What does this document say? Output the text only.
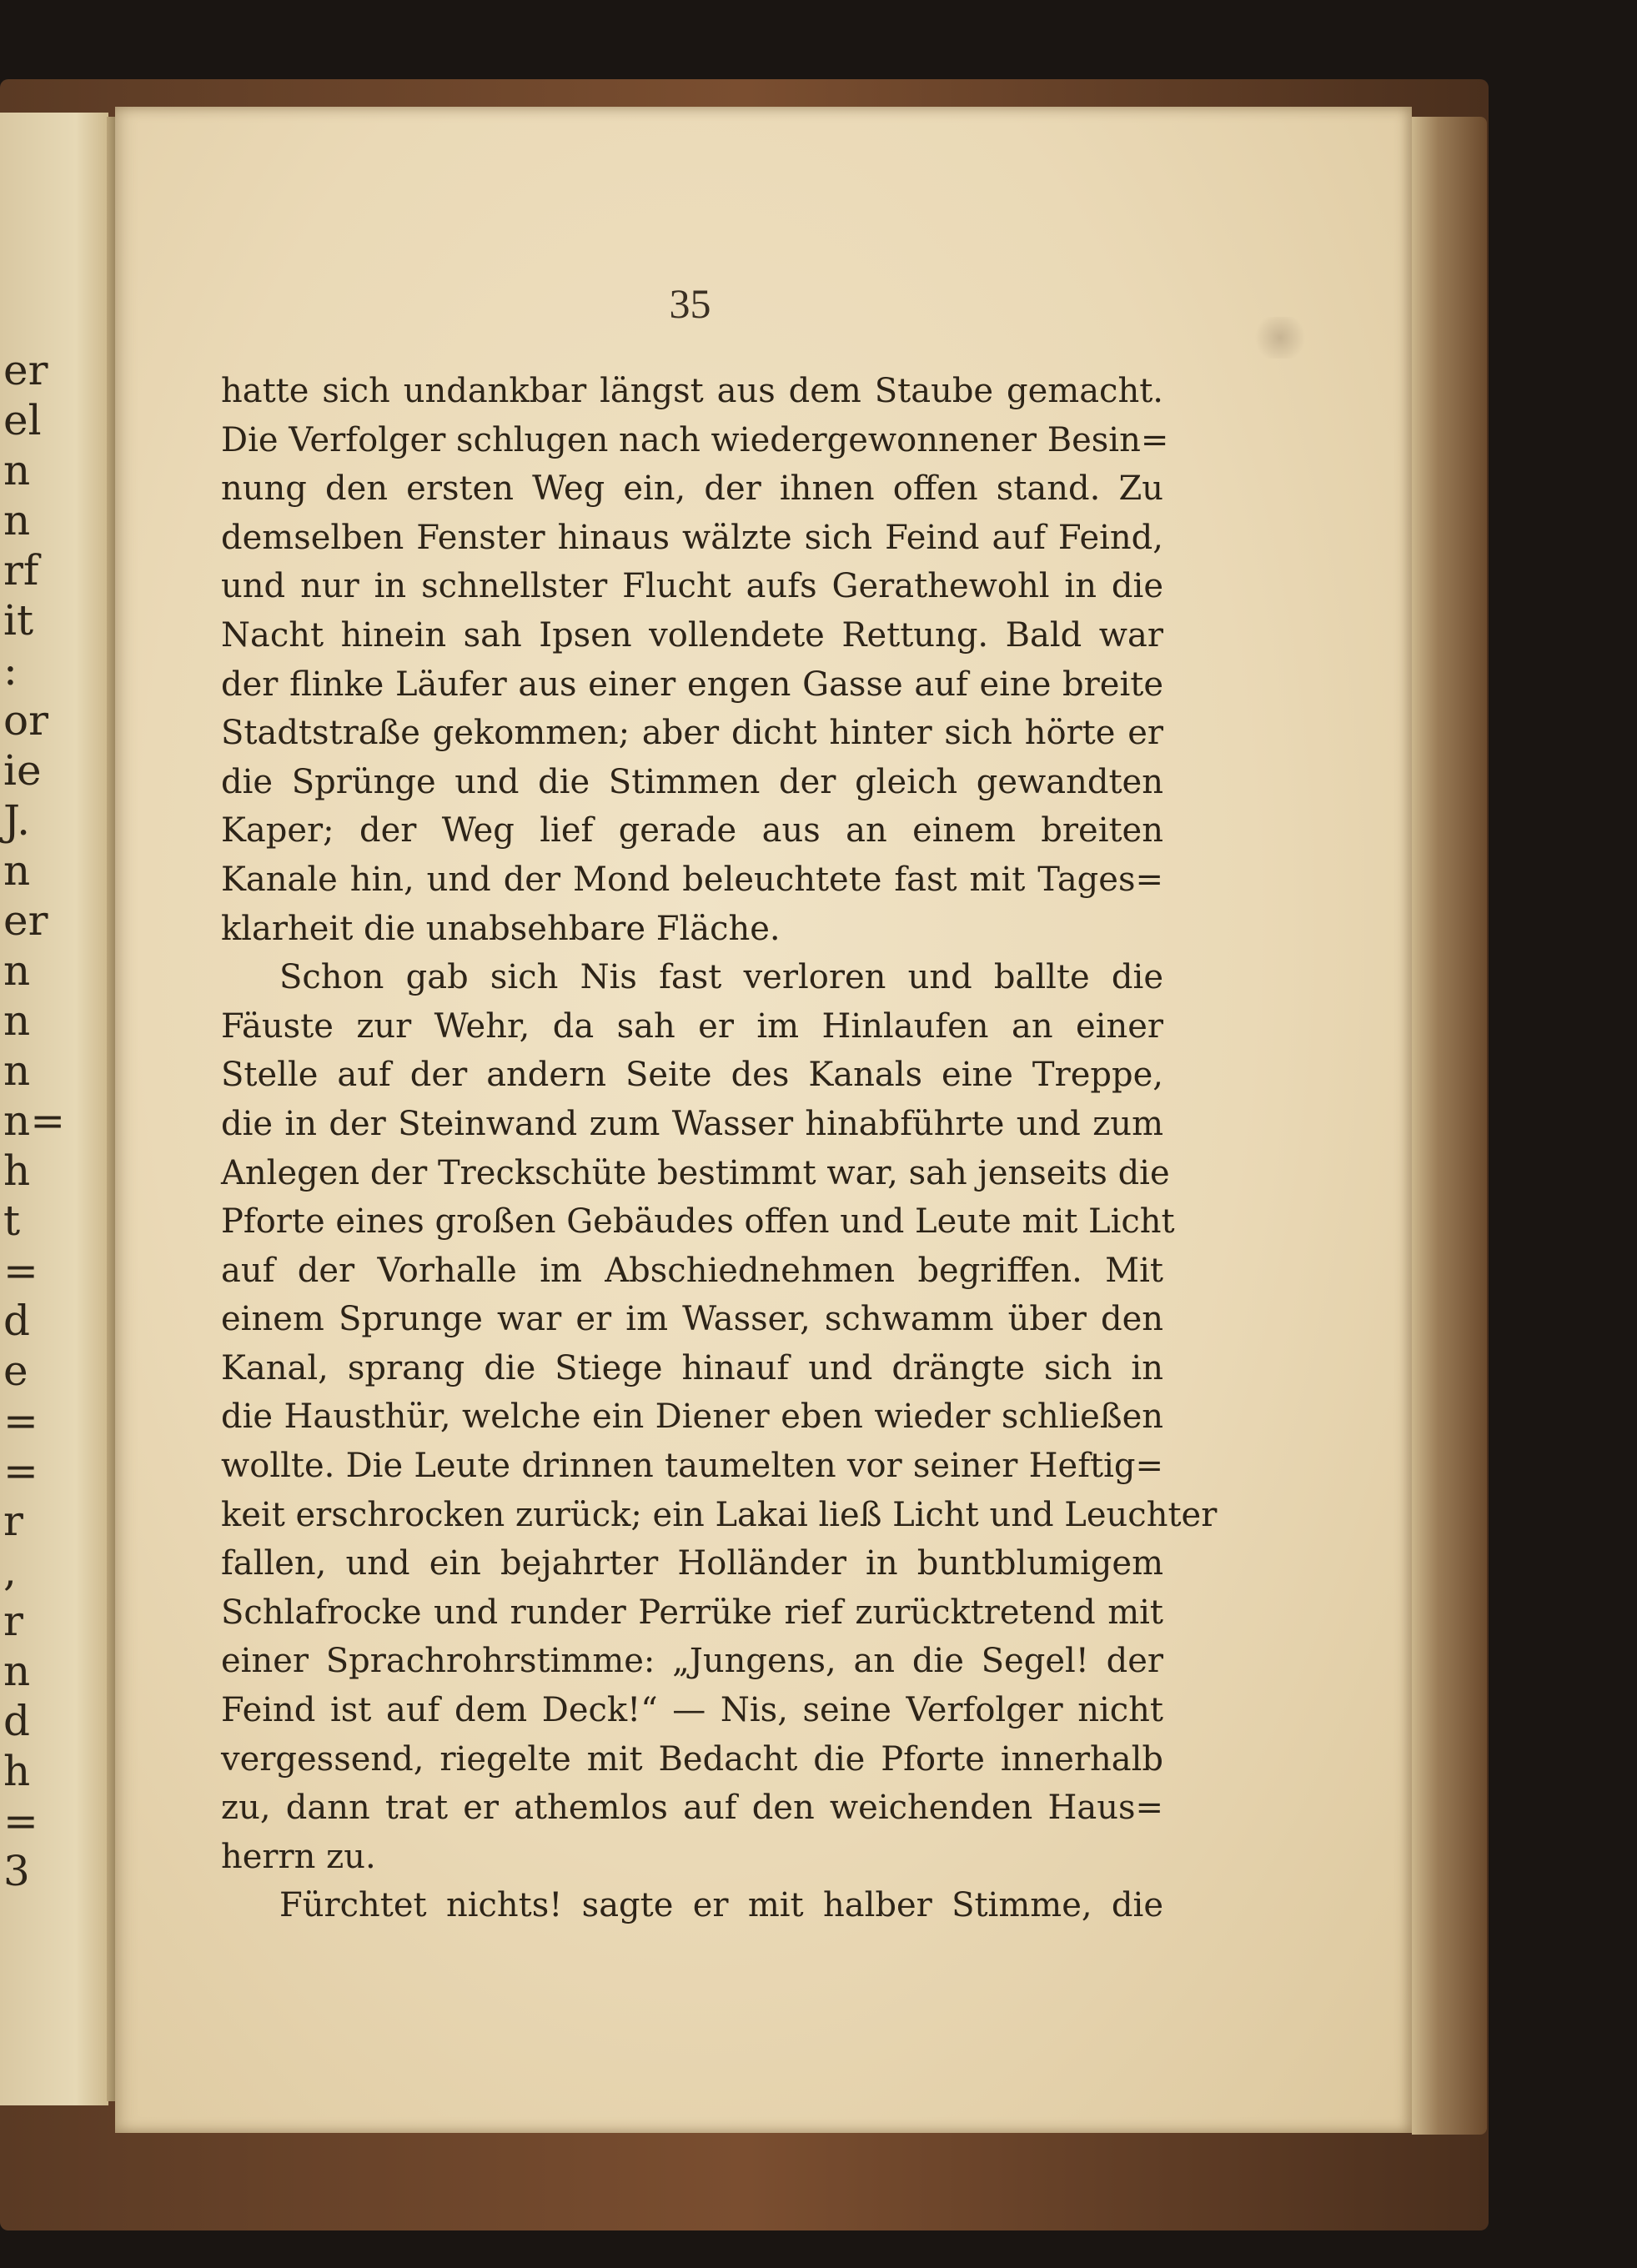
er
el
n
n
rf
it
:
or
ie
J.
n
er
n
n
n
n=
h
t
=
d
e
=
=
r
,
r
n
d
h
=
3
35
hatte sich undankbar längst aus dem Staube gemacht.
Die Verfolger schlugen nach wiedergewonnener Besin=
nung den ersten Weg ein, der ihnen offen stand. Zu
demselben Fenster hinaus wälzte sich Feind auf Feind,
und nur in schnellster Flucht aufs Gerathewohl in die
Nacht hinein sah Ipsen vollendete Rettung. Bald war
der flinke Läufer aus einer engen Gasse auf eine breite
Stadtstraße gekommen; aber dicht hinter sich hörte er
die Sprünge und die Stimmen der gleich gewandten
Kaper; der Weg lief gerade aus an einem breiten
Kanale hin, und der Mond beleuchtete fast mit Tages=
klarheit die unabsehbare Fläche.
Schon gab sich Nis fast verloren und ballte die
Fäuste zur Wehr, da sah er im Hinlaufen an einer
Stelle auf der andern Seite des Kanals eine Treppe,
die in der Steinwand zum Wasser hinabführte und zum
Anlegen der Treckschüte bestimmt war, sah jenseits die
Pforte eines großen Gebäudes offen und Leute mit Licht
auf der Vorhalle im Abschiednehmen begriffen. Mit
einem Sprunge war er im Wasser, schwamm über den
Kanal, sprang die Stiege hinauf und drängte sich in
die Hausthür, welche ein Diener eben wieder schließen
wollte. Die Leute drinnen taumelten vor seiner Heftig=
keit erschrocken zurück; ein Lakai ließ Licht und Leuchter
fallen, und ein bejahrter Holländer in buntblumigem
Schlafrocke und runder Perrüke rief zurücktretend mit
einer Sprachrohrstimme: „Jungens, an die Segel! der
Feind ist auf dem Deck!“ — Nis, seine Verfolger nicht
vergessend, riegelte mit Bedacht die Pforte innerhalb
zu, dann trat er athemlos auf den weichenden Haus=
herrn zu.
Fürchtet nichts! sagte er mit halber Stimme, die
